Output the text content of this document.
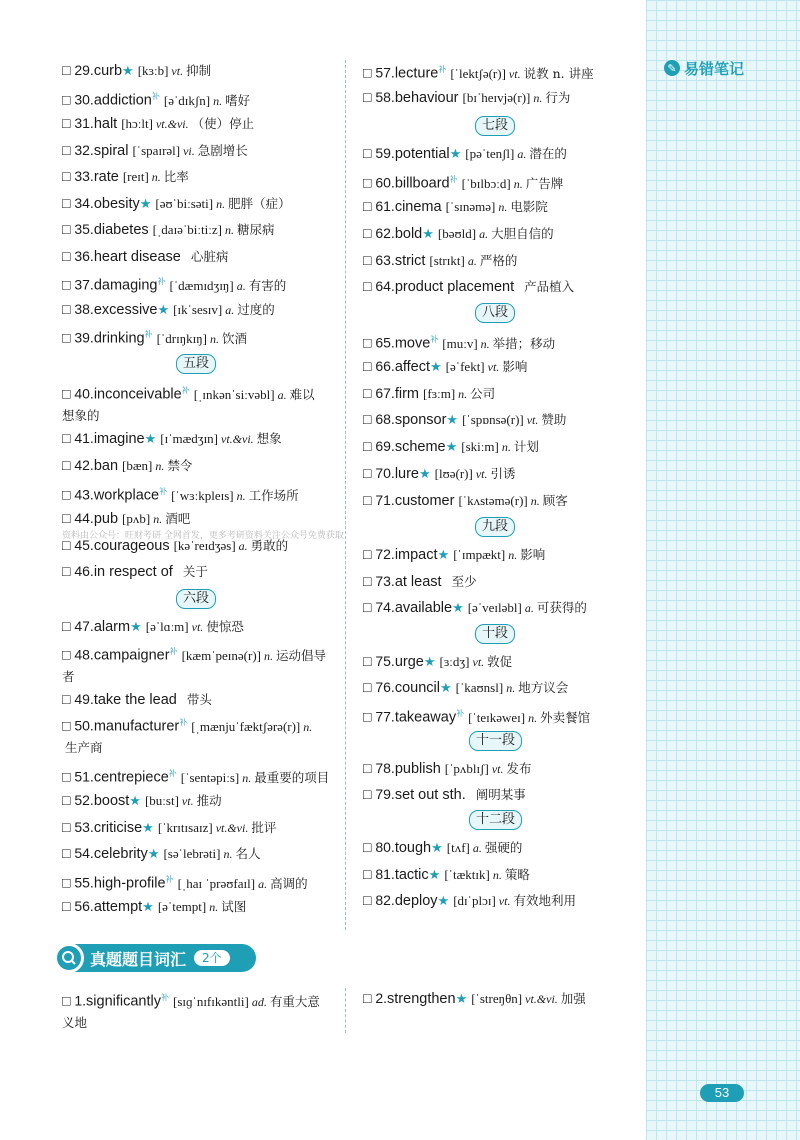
✎ 易错笔记
□ 29.curb★ [kɜːb] vt. 抑制
□ 30.addiction$^补$ [əˈdɪkʃn] n. 嗜好
□ 31.halt [hɔːlt] vt.&vi. （使）停止
□ 32.spiral [ˈspaɪrəl] vi. 急剧增长
□ 33.rate [reɪt] n. 比率
□ 34.obesity★ [əʊˈbiːsəti] n. 肥胖（症）
□ 35.diabetes [ˌdaɪəˈbiːtiːz] n. 糖尿病
□ 36.heart disease 心脏病
□ 37.damaging$^补$ [ˈdæmɪdʒɪŋ] a. 有害的
□ 38.excessive★ [ɪkˈsesɪv] a. 过度的
□ 39.drinking$^补$ [ˈdrɪŋkɪŋ] n. 饮酒
□ 40.inconceivable$^补$ [ˌɪnkənˈsiːvəbl] a. 难以想象的
□ 41.imagine★ [ɪˈmædʒɪn] vt.&vi. 想象
□ 42.ban [bæn] n. 禁令
□ 43.workplace$^补$ [ˈwɜːkpleɪs] n. 工作场所
□ 44.pub [pʌb] n. 酒吧
□ 45.courageous [kəˈreɪdʒəs] a. 勇敢的
□ 46.in respect of 关于
□ 47.alarm★ [əˈlɑːm] vt. 使惊恐
□ 48.campaigner$^补$ [kæmˈpeɪnə(r)] n. 运动倡导者
□ 49.take the lead 带头
□ 50.manufacturer$^补$ [ˌmænjuˈfæktʃərə(r)] n.生产商
□ 51.centrepiece$^补$ [ˈsentəpiːs] n. 最重要的项目
□ 52.boost★ [buːst] vt. 推动
□ 53.criticise★ [ˈkrɪtɪsaɪz] vt.&vi. 批评
□ 54.celebrity★ [səˈlebrəti] n. 名人
□ 55.high-profile$^补$ [ˌhaɪ ˈprəʊfaɪl] a. 高调的
□ 56.attempt★ [əˈtempt] n. 试图
五段
六段
□ 57.lecture$^补$ [ˈlektʃə(r)] vt. 说教 n. 讲座
□ 58.behaviour [bɪˈheɪvjə(r)] n. 行为
□ 59.potential★ [pəˈtenʃl] a. 潜在的
□ 60.billboard$^补$ [ˈbɪlbɔːd] n. 广告牌
□ 61.cinema [ˈsɪnəmə] n. 电影院
□ 62.bold★ [bəʊld] a. 大胆自信的
□ 63.strict [strɪkt] a. 严格的
□ 64.product placement 产品植入
□ 65.move$^补$ [muːv] n. 举措；移动
□ 66.affect★ [əˈfekt] vt. 影响
□ 67.firm [fɜːm] n. 公司
□ 68.sponsor★ [ˈspɒnsə(r)] vt. 赞助
□ 69.scheme★ [skiːm] n. 计划
□ 70.lure★ [lʊə(r)] vt. 引诱
□ 71.customer [ˈkʌstəmə(r)] n. 顾客
□ 72.impact★ [ˈɪmpækt] n. 影响
□ 73.at least 至少
□ 74.available★ [əˈveɪləbl] a. 可获得的
□ 75.urge★ [ɜːdʒ] vt. 敦促
□ 76.council★ [ˈkaʊnsl] n. 地方议会
□ 77.takeaway$^补$ [ˈteɪkəweɪ] n. 外卖餐馆
□ 78.publish [ˈpʌblɪʃ] vt. 发布
□ 79.set out sth. 阐明某事
□ 80.tough★ [tʌf] a. 强硬的
□ 81.tactic★ [ˈtæktɪk] n. 策略
□ 82.deploy★ [dɪˈplɔɪ] vt. 有效地利用
七段
八段
九段
十段
十一段
十二段
资料由公众号：旺财考研 全网首发，更多考研资料关注公众号免费获取
真题题目词汇	2个
□ 1.significantly$^补$ [sɪɡˈnɪfɪkəntli] ad. 有重大意义地
□ 2.strengthen★ [ˈstreŋθn] vt.&vi. 加强
53
